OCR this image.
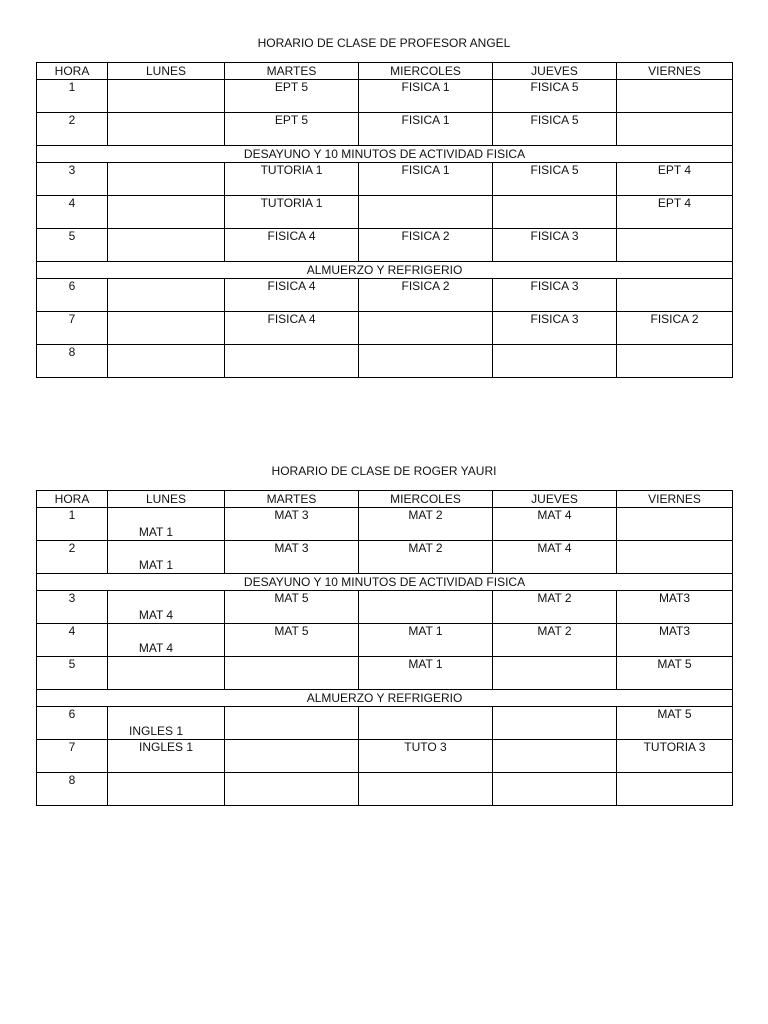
HORARIO DE CLASE DE PROFESOR ANGEL
HORA	LUNES	MARTES	MIERCOLES	JUEVES	VIERNES
1		EPT 5	FISICA 1	FISICA 5	
2		EPT 5	FISICA 1	FISICA 5	
DESAYUNO Y 10 MINUTOS DE ACTIVIDAD FISICA					
3		TUTORIA 1	FISICA 1	FISICA 5	EPT 4
4		TUTORIA 1			EPT 4
5		FISICA 4	FISICA 2	FISICA 3	
ALMUERZO Y REFRIGERIO					
6		FISICA 4	FISICA 2	FISICA 3	
7		FISICA 4		FISICA 3	FISICA 2
8					
HORARIO DE CLASE DE ROGER YAURI
HORA	LUNES	MARTES	MIERCOLES	JUEVES	VIERNES
1	MAT 1	MAT 3	MAT 2	MAT 4	
2	MAT 1	MAT 3	MAT 2	MAT 4	
DESAYUNO Y 10 MINUTOS DE ACTIVIDAD FISICA					
3	MAT 4	MAT 5		MAT 2	MAT3
4	MAT 4	MAT 5	MAT 1	MAT 2	MAT3
5			MAT 1		MAT 5
ALMUERZO Y REFRIGERIO					
6	INGLES 1				MAT 5
7	INGLES 1		TUTO 3		TUTORIA 3
8					
